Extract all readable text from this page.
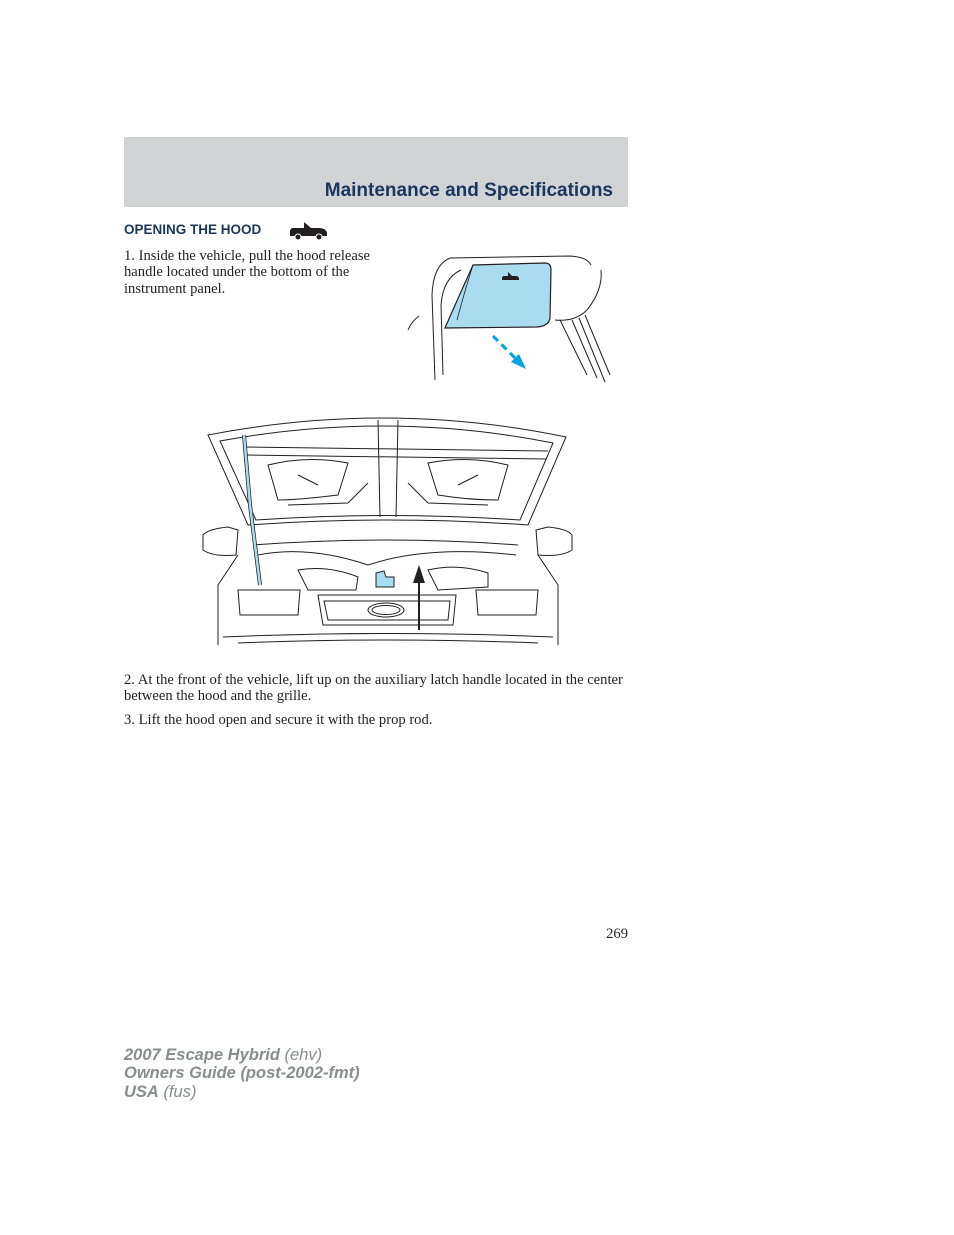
Maintenance and Specifications
OPENING THE HOOD
1. Inside the vehicle, pull the hood release handle located under the bottom of the instrument panel.
2. At the front of the vehicle, lift up on the auxiliary latch handle located in the center between the hood and the grille.
3. Lift the hood open and secure it with the prop rod.
269
2007 Escape Hybrid (ehv)
Owners Guide (post-2002-fmt)
USA (fus)
